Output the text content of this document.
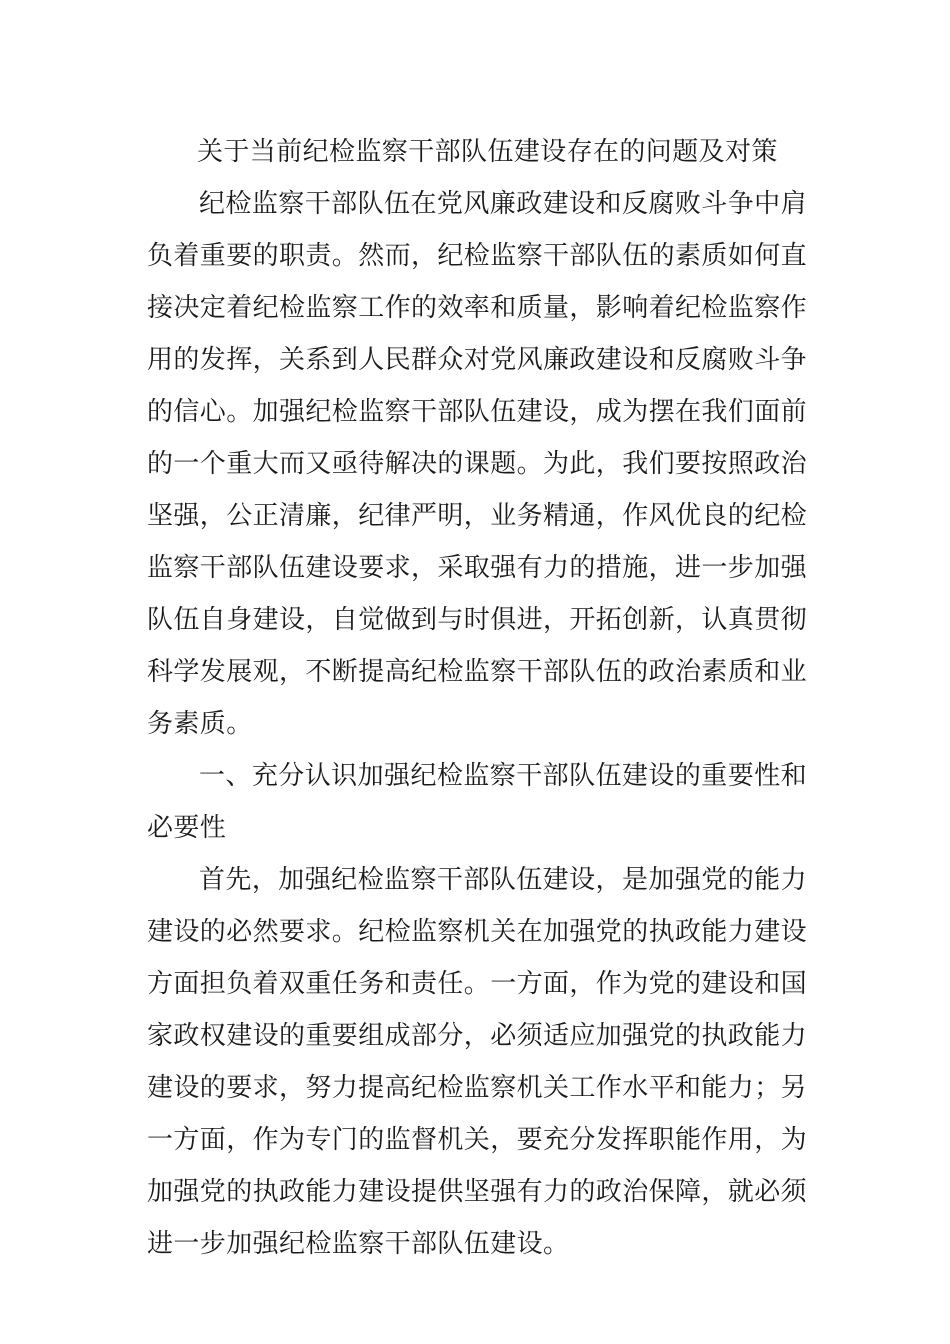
关于当前纪检监察干部队伍建设存在的问题及对策

纪检监察干部队伍在党风廉政建设和反腐败斗争中肩负着重要的职责。然而，纪检监察干部队伍的素质如何直接决定着纪检监察工作的效率和质量，影响着纪检监察作用的发挥，关系到人民群众对党风廉政建设和反腐败斗争的信心。加强纪检监察干部队伍建设，成为摆在我们面前的一个重大而又亟待解决的课题。为此，我们要按照政治坚强，公正清廉，纪律严明，业务精通，作风优良的纪检监察干部队伍建设要求，采取强有力的措施，进一步加强队伍自身建设，自觉做到与时俱进，开拓创新，认真贯彻科学发展观，不断提高纪检监察干部队伍的政治素质和业务素质。

一、充分认识加强纪检监察干部队伍建设的重要性和必要性

首先，加强纪检监察干部队伍建设，是加强党的能力建设的必然要求。纪检监察机关在加强党的执政能力建设方面担负着双重任务和责任。一方面，作为党的建设和国家政权建设的重要组成部分，必须适应加强党的执政能力建设的要求，努力提高纪检监察机关工作水平和能力；另一方面，作为专门的监督机关，要充分发挥职能作用，为加强党的执政能力建设提供坚强有力的政治保障，就必须进一步加强纪检监察干部队伍建设。
